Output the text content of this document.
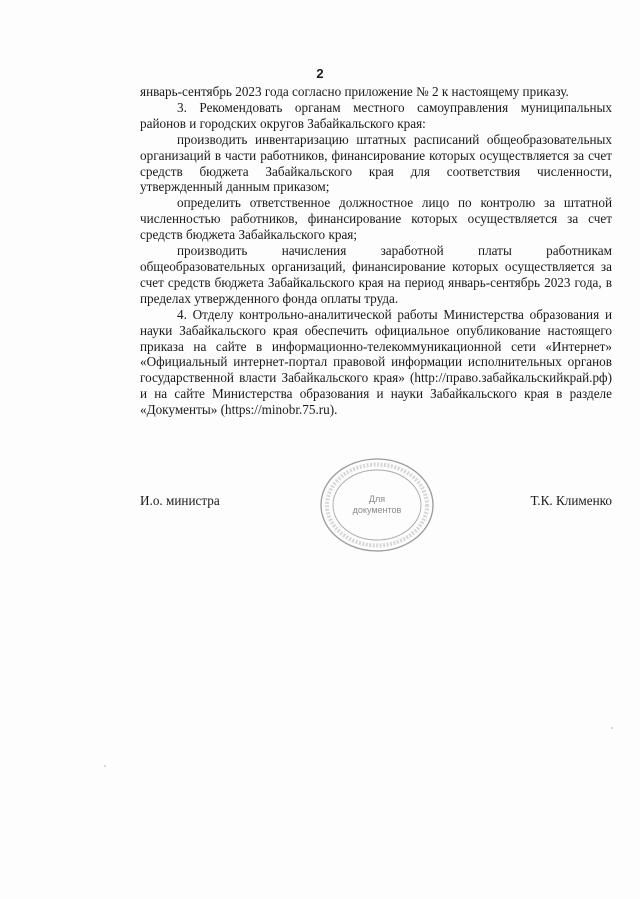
2

январь-сентябрь 2023 года согласно приложение № 2 к настоящему приказу.

3. Рекомендовать органам местного самоуправления муниципальных районов и городских округов Забайкальского края:

производить инвентаризацию штатных расписаний общеобразовательных организаций в части работников, финансирование которых осуществляется за счет средств бюджета Забайкальского края для соответствия численности, утвержденный данным приказом;

определить ответственное должностное лицо по контролю за штатной численностью работников, финансирование которых осуществляется за счет средств бюджета Забайкальского края;

производить начисления заработной платы работникам общеобразовательных организаций, финансирование которых осуществляется за счет средств бюджета Забайкальского края на период январь-сентябрь 2023 года, в пределах утвержденного фонда оплаты труда.

4. Отделу контрольно-аналитической работы Министерства образования и науки Забайкальского края обеспечить официальное опубликование настоящего приказа на сайте в информационно-телекоммуникационной сети «Интернет» «Официальный интернет-портал правовой информации исполнительных органов государственной власти Забайкальского края» (http://право.забайкальскийкрай.рф) и на сайте Министерства образования и науки Забайкальского края в разделе «Документы» (https://minobr.75.ru).

И.о. министра	Т.К. Клименко
Для
документов
